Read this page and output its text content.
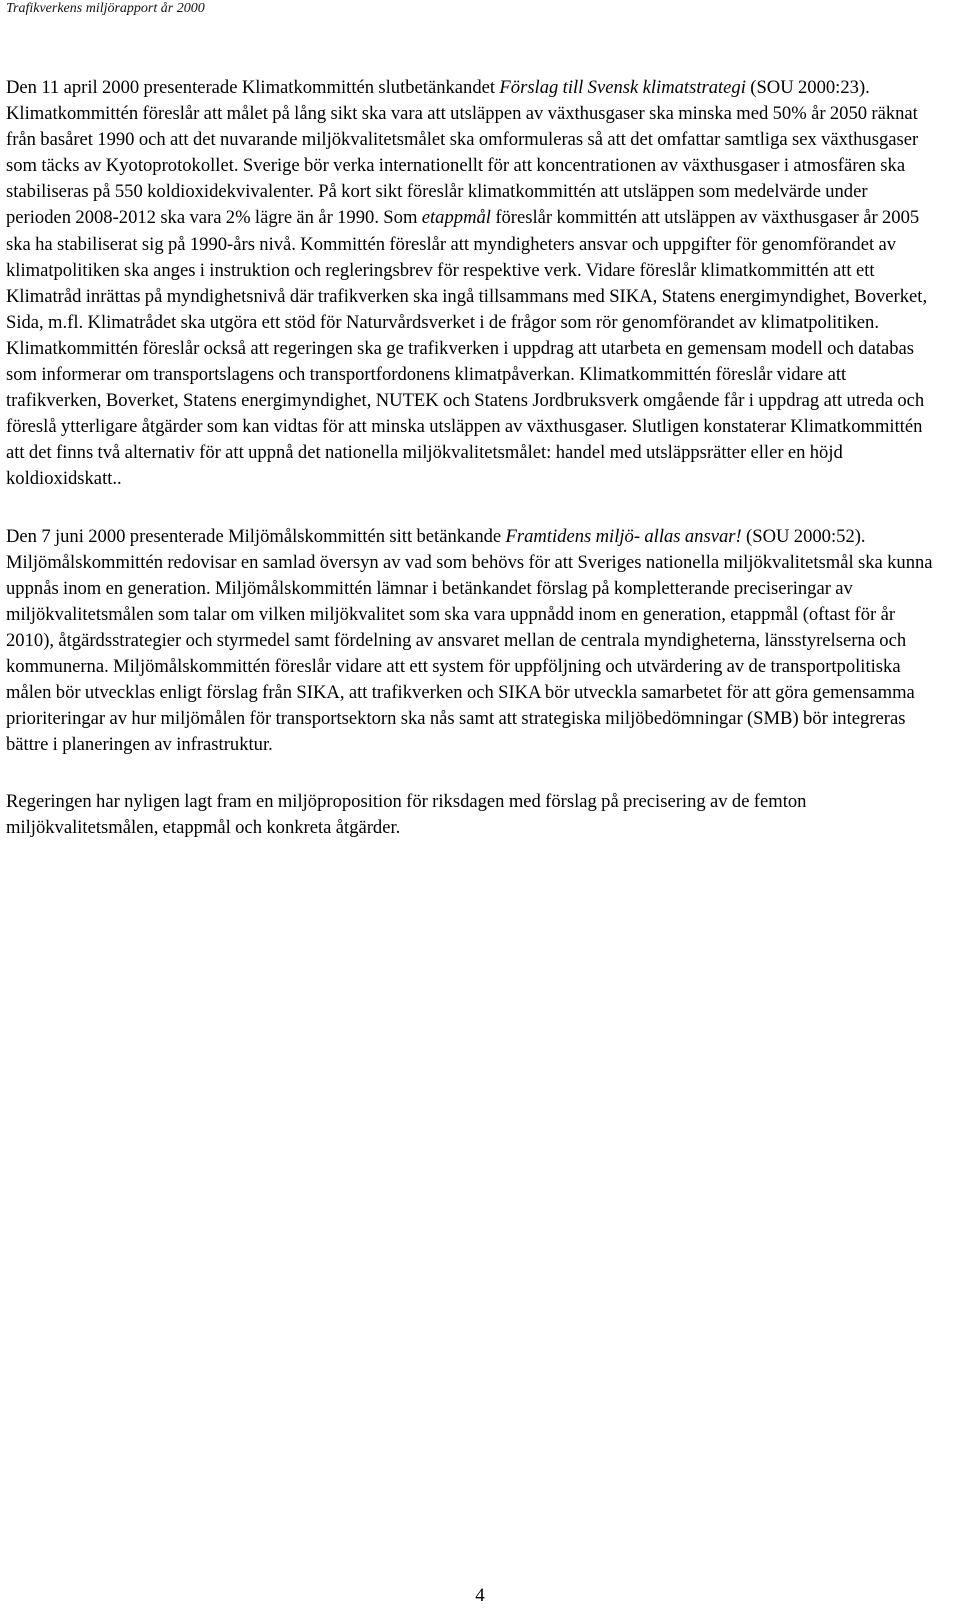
Trafikverkens miljörapport år 2000

Den 11 april 2000 presenterade Klimatkommittén slutbetänkandet Förslag till Svensk klimatstrategi (SOU 2000:23). Klimatkommittén föreslår att målet på lång sikt ska vara att utsläppen av växthusgaser ska minska med 50% år 2050 räknat från basåret 1990 och att det nuvarande miljökvalitetsmålet ska omformuleras så att det omfattar samtliga sex växthusgaser som täcks av Kyotoprotokollet. Sverige bör verka internationellt för att koncentrationen av växthusgaser i atmosfären ska stabiliseras på 550 koldioxidekvivalenter. På kort sikt föreslår klimatkommittén att utsläppen som medelvärde under perioden 2008-2012 ska vara 2% lägre än år 1990. Som etappmål föreslår kommittén att utsläppen av växthusgaser år 2005 ska ha stabiliserat sig på 1990-års nivå. Kommittén föreslår att myndigheters ansvar och uppgifter för genomförandet av klimatpolitiken ska anges i instruktion och regleringsbrev för respektive verk. Vidare föreslår klimatkommittén att ett Klimatråd inrättas på myndighetsnivå där trafikverken ska ingå tillsammans med SIKA, Statens energimyndighet, Boverket, Sida, m.fl. Klimatrådet ska utgöra ett stöd för Naturvårdsverket i de frågor som rör genomförandet av klimatpolitiken. Klimatkommittén föreslår också att regeringen ska ge trafikverken i uppdrag att utarbeta en gemensam modell och databas som informerar om transportslagens och transportfordonens klimatpåverkan. Klimatkommittén föreslår vidare att trafikverken, Boverket, Statens energimyndighet, NUTEK och Statens Jordbruksverk omgående får i uppdrag att utreda och föreslå ytterligare åtgärder som kan vidtas för att minska utsläppen av växthusgaser. Slutligen konstaterar Klimatkommittén att det finns två alternativ för att uppnå det nationella miljökvalitetsmålet: handel med utsläppsrätter eller en höjd koldioxidskatt..

Den 7 juni 2000 presenterade Miljömålskommittén sitt betänkande Framtidens miljö- allas ansvar! (SOU 2000:52). Miljömålskommittén redovisar en samlad översyn av vad som behövs för att Sveriges nationella miljökvalitetsmål ska kunna uppnås inom en generation. Miljömålskommittén lämnar i betänkandet förslag på kompletterande preciseringar av miljökvalitetsmålen som talar om vilken miljökvalitet som ska vara uppnådd inom en generation, etappmål (oftast för år 2010), åtgärdsstrategier och styrmedel samt fördelning av ansvaret mellan de centrala myndigheterna, länsstyrelserna och kommunerna. Miljömålskommittén föreslår vidare att ett system för uppföljning och utvärdering av de transportpolitiska målen bör utvecklas enligt förslag från SIKA, att trafikverken och SIKA bör utveckla samarbetet för att göra gemensamma prioriteringar av hur miljömålen för transportsektorn ska nås samt att strategiska miljöbedömningar (SMB) bör integreras bättre i planeringen av infrastruktur.

Regeringen har nyligen lagt fram en miljöproposition för riksdagen med förslag på precisering av de femton miljökvalitetsmålen, etappmål och konkreta åtgärder.

4
